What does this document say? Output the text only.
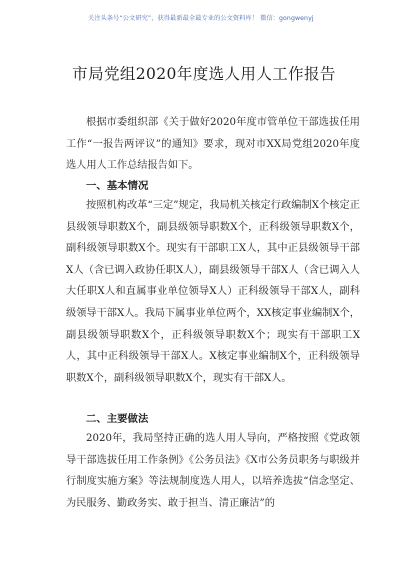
关注头条号“公文研究”，获得最新最全最专业的公文资料库！ 微信：gongwenyj
市局党组2020年度选人用人工作报告

根据市委组织部《关于做好2020年度市管单位干部选拔任用工作“一报告两评议”的通知》要求，现对市XX局党组2020年度选人用人工作总结报告如下。

一、基本情况

按照机构改革“三定”规定，我局机关核定行政编制X个核定正县级领导职数X个，副县级领导职数X个，正科级领导职数X个，副科级领导职数X个。现实有干部职工X人，其中正县级领导干部X人（含已调入政协任职X人），副县级领导干部X人（含已调入人大任职X人和直属事业单位领导X人）正科级领导干部X人，副科级领导干部X人。我局下属事业单位两个，XX核定事业编制X个，副县级领导职数X个，正科级领导职数X个；现实有干部职工X人，其中正科级领导干部X人。X核定事业编制X个，正科级领导职数X个，副科级领导职数X个，现实有干部X人。

二、主要做法

2020年，我局坚持正确的选人用人导向，严格按照《党政领导干部选拔任用工作条例》《公务员法》《X市公务员职务与职级并行制度实施方案》等法规制度选人用人，以培养选拔“信念坚定、为民服务、勤政务实、敢于担当、清正廉洁”的
